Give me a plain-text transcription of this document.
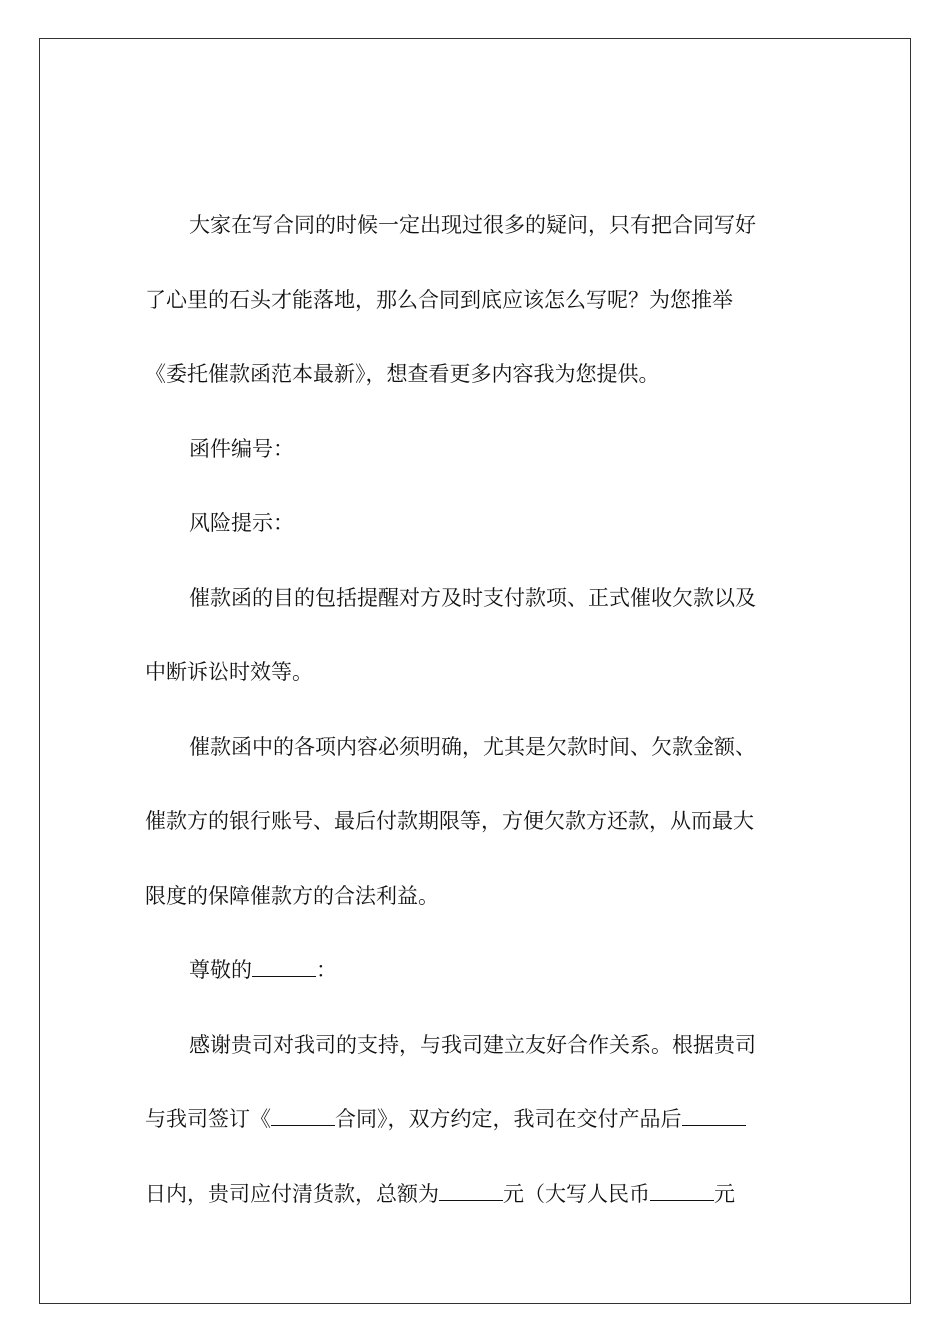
大家在写合同的时候一定出现过很多的疑问，只有把合同写好
了心里的石头才能落地，那么合同到底应该怎么写呢？为您推举
《委托催款函范本最新》，想查看更多内容我为您提供。
函件编号：
风险提示：
催款函的目的包括提醒对方及时支付款项、正式催收欠款以及
中断诉讼时效等。
催款函中的各项内容必须明确，尤其是欠款时间、欠款金额、
催款方的银行账号、最后付款期限等，方便欠款方还款，从而最大
限度的保障催款方的合法利益。
尊敬的	：
感谢贵司对我司的支持，与我司建立友好合作关系。根据贵司
与我司签订《	合同》，双方约定，我司在交付产品后
日内，贵司应付清货款，总额为	元（大写人民币	元
